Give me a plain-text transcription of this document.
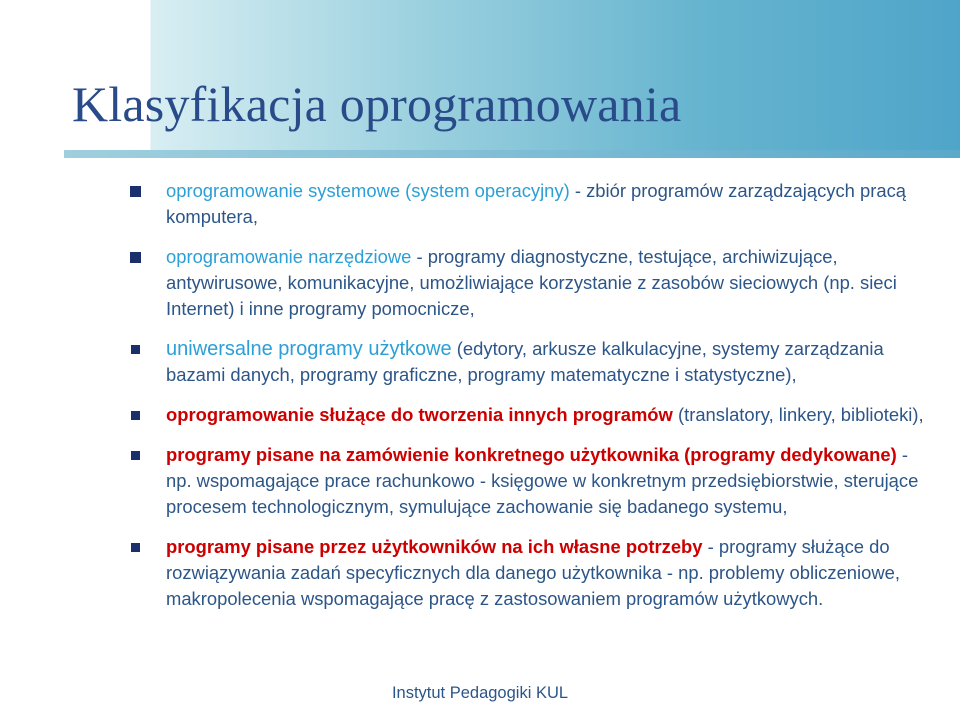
Klasyfikacja oprogramowania
oprogramowanie systemowe (system operacyjny) - zbiór programów zarządzających pracą komputera,
oprogramowanie narzędziowe - programy diagnostyczne, testujące, archiwizujące, antywirusowe, komunikacyjne, umożliwiające korzystanie z zasobów sieciowych (np. sieci Internet) i inne programy pomocnicze,
uniwersalne programy użytkowe (edytory, arkusze kalkulacyjne, systemy zarządzania bazami danych, programy graficzne, programy matematyczne i statystyczne),
oprogramowanie służące do tworzenia innych programów (translatory, linkery, biblioteki),
programy pisane na zamówienie konkretnego użytkownika (programy dedykowane) - np. wspomagające prace rachunkowo - księgowe w konkretnym przedsiębiorstwie, sterujące procesem technologicznym, symulujące zachowanie się badanego systemu,
programy pisane przez użytkowników na ich własne potrzeby - programy służące do rozwiązywania zadań specyficznych dla danego użytkownika - np. problemy obliczeniowe, makropolecenia wspomagające pracę z zastosowaniem programów użytkowych.
Instytut Pedagogiki KUL
